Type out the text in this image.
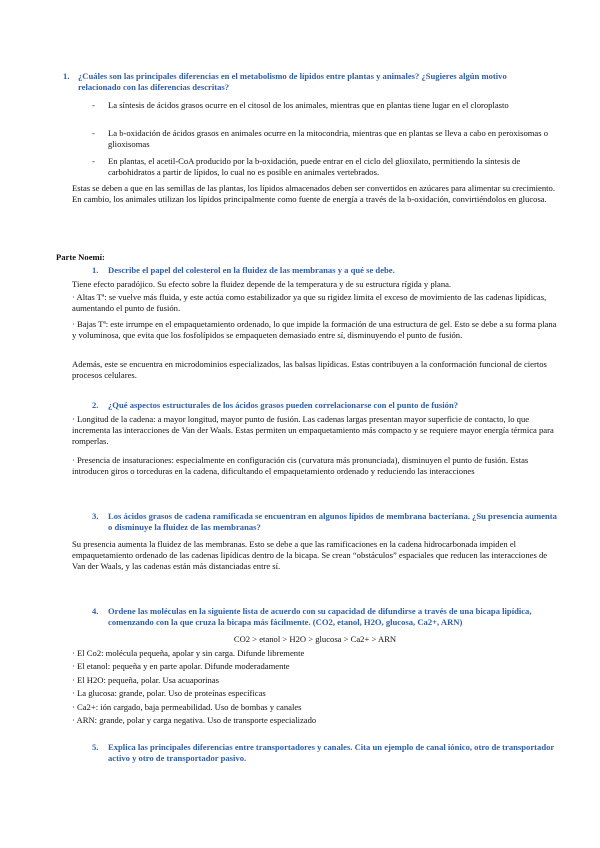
1. ¿Cuáles son las principales diferencias en el metabolismo de lípidos entre plantas y animales? ¿Sugieres algún motivo relacionado con las diferencias descritas?
- La síntesis de ácidos grasos ocurre en el citosol de los animales, mientras que en plantas tiene lugar en el cloroplasto
- La b-oxidación de ácidos grasos en animales ocurre en la mitocondria, mientras que en plantas se lleva a cabo en peroxisomas o glioxisomas
- En plantas, el acetil-CoA producido por la b-oxidación, puede entrar en el ciclo del glioxilato, permitiendo la síntesis de carbohidratos a partir de lípidos, lo cual no es posible en animales vertebrados.
Estas se deben a que en las semillas de las plantas, los lípidos almacenados deben ser convertidos en azúcares para alimentar su crecimiento. En cambio, los animales utilizan los lípidos principalmente como fuente de energía a través de la b-oxidación, convirtiéndolos en glucosa.
Parte Noemí:
1. Describe el papel del colesterol en la fluidez de las membranas y a qué se debe.
Tiene efecto paradójico. Su efecto sobre la fluidez depende de la temperatura y de su estructura rígida y plana.
· Altas Tª: se vuelve más fluida, y este actúa como estabilizador ya que su rigidez limita el exceso de movimiento de las cadenas lipídicas, aumentando el punto de fusión.
· Bajas Tª: este irrumpe en el empaquetamiento ordenado, lo que impide la formación de una estructura de gel. Esto se debe a su forma plana y voluminosa, que evita que los fosfolípidos se empaqueten demasiado entre sí, disminuyendo el punto de fusión.
Además, este se encuentra en microdominios especializados, las balsas lipídicas. Estas contribuyen a la conformación funcional de ciertos procesos celulares.
2. ¿Qué aspectos estructurales de los ácidos grasos pueden correlacionarse con el punto de fusión?
· Longitud de la cadena: a mayor longitud, mayor punto de fusión. Las cadenas largas presentan mayor superficie de contacto, lo que incrementa las interacciones de Van der Waals. Estas permiten un empaquetamiento más compacto y se requiere mayor energía térmica para romperlas.
· Presencia de insaturaciones: especialmente en configuración cis (curvatura más pronunciada), disminuyen el punto de fusión. Estas introducen giros o torceduras en la cadena, dificultando el empaquetamiento ordenado y reduciendo las interacciones
3. Los ácidos grasos de cadena ramificada se encuentran en algunos lípidos de membrana bacteriana. ¿Su presencia aumenta o disminuye la fluidez de las membranas?
Su presencia aumenta la fluidez de las membranas. Esto se debe a que las ramificaciones en la cadena hidrocarbonada impiden el empaquetamiento ordenado de las cadenas lipídicas dentro de la bicapa. Se crean “obstáculos” espaciales que reducen las interacciones de Van der Waals, y las cadenas están más distanciadas entre sí.
4. Ordene las moléculas en la siguiente lista de acuerdo con su capacidad de difundirse a través de una bicapa lipídica, comenzando con la que cruza la bicapa más fácilmente. (CO2, etanol, H2O, glucosa, Ca2+, ARN)
CO2 > etanol > H2O > glucosa > Ca2+ > ARN
· El Co2: molécula pequeña, apolar y sin carga. Difunde libremente
· El etanol: pequeña y en parte apolar. Difunde moderadamente
· El H2O: pequeña, polar. Usa acuaporinas
· La glucosa: grande, polar. Uso de proteínas específicas
· Ca2+: ión cargado, baja permeabilidad. Uso de bombas y canales
· ARN: grande, polar y carga negativa. Uso de transporte especializado
5. Explica las principales diferencias entre transportadores y canales. Cita un ejemplo de canal iónico, otro de transportador activo y otro de transportador pasivo.
